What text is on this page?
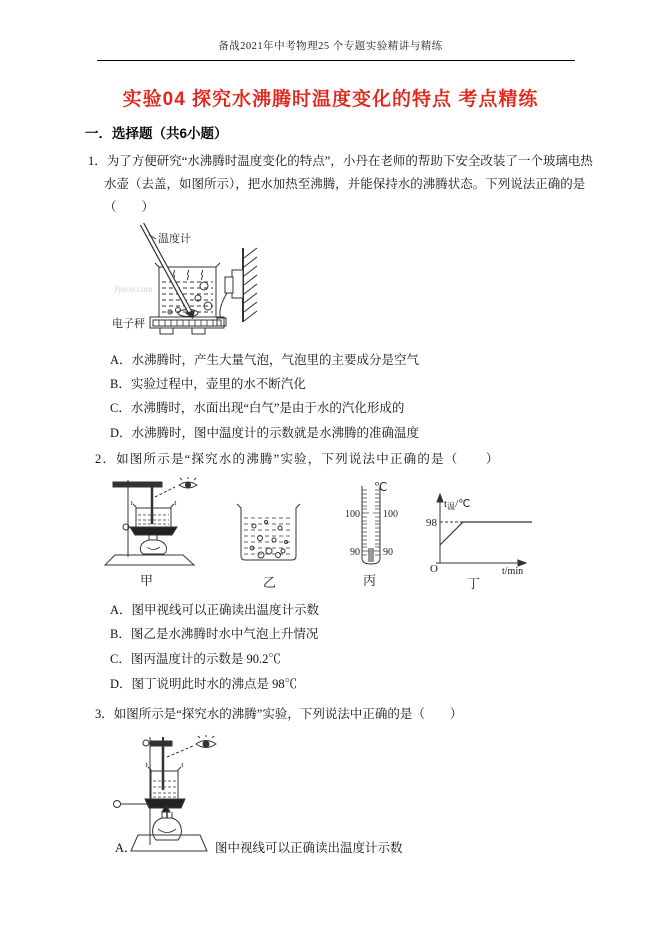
备战2021年中考物理25 个专题实验精讲与精练
实验04 探究水沸腾时温度变化的特点 考点精练
一．选择题（共6小题）
1．为了方便研究“水沸腾时温度变化的特点”，小丹在老师的帮助下安全改装了一个玻璃电热水壶（去盖，如图所示），把水加热至沸腾，并能保持水的沸腾状态。下列说法正确的是（　　）
Jyeoo.com
温度计
电子秤
A．水沸腾时，产生大量气泡，气泡里的主要成分是空气
B．实验过程中，壶里的水不断汽化
C．水沸腾时，水面出现“白气”是由于水的汽化形成的
D．水沸腾时，图中温度计的示数就是水沸腾的准确温度
2．如图所示是“探究水的沸腾”实验，下列说法中正确的是（　　）
甲	乙
℃
100
90
100
90
丙
t温/℃
98
O	t/min
丁
A．图甲视线可以正确读出温度计示数
B．图乙是水沸腾时水中气泡上升情况
C．图丙温度计的示数是 90.2℃
D．图丁说明此时水的沸点是 98℃
3．如图所示是“探究水的沸腾”实验，下列说法中正确的是（　　）
A．	图中视线可以正确读出温度计示数
